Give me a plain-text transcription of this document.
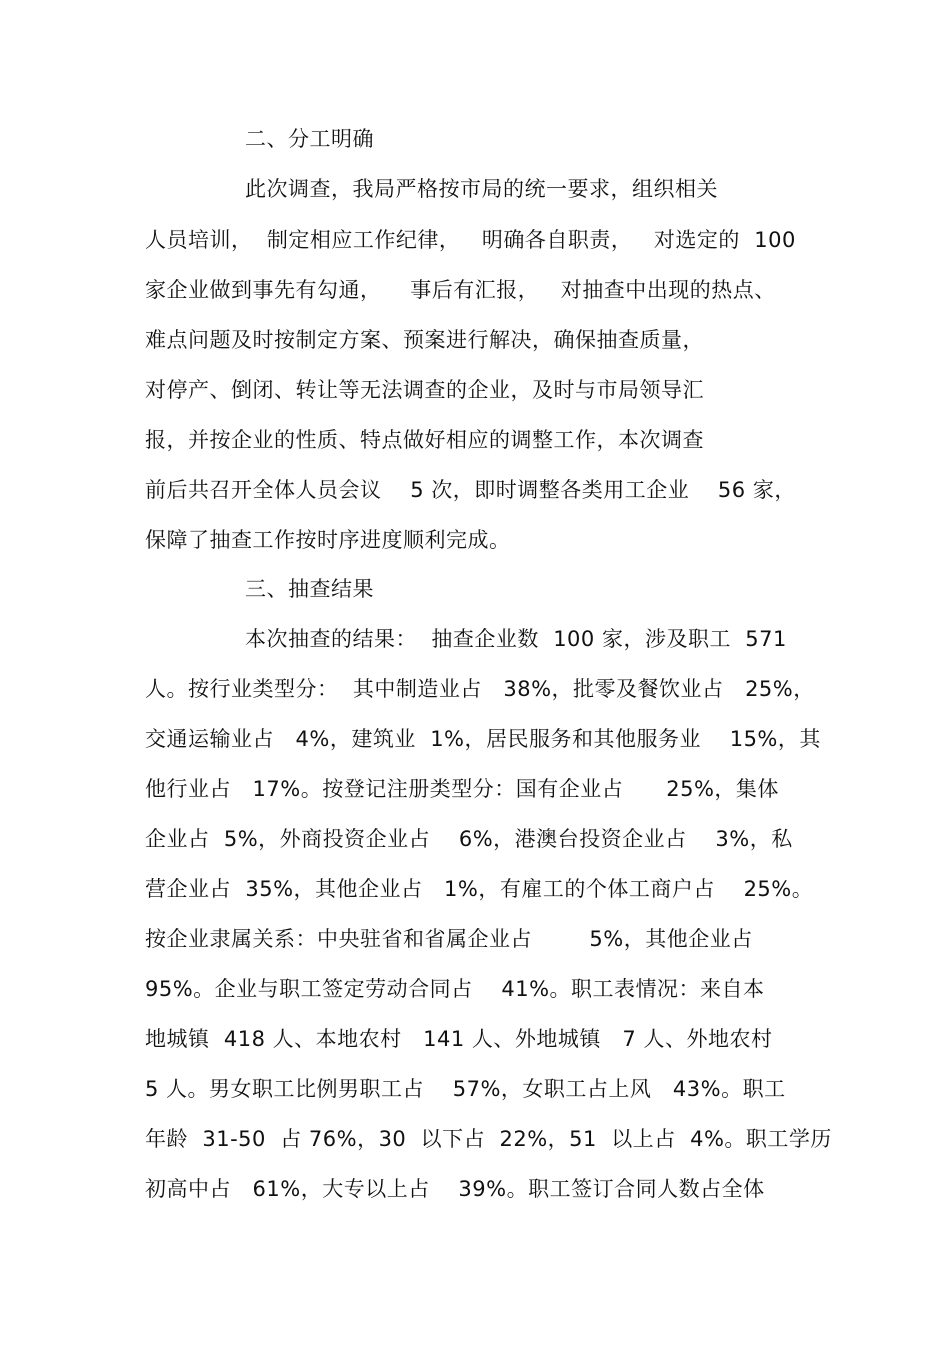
二、分工明确
此次调查，我局严格按市局的统一要求，组织相关
人员培训，  制定相应工作纪律，   明确各自职责，   对选定的  100
家企业做到事先有勾通，    事后有汇报，   对抽查中出现的热点、
难点问题及时按制定方案、预案进行解决，确保抽查质量，
对停产、倒闭、转让等无法调查的企业，及时与市局领导汇
报，并按企业的性质、特点做好相应的调整工作，本次调查
前后共召开全体人员会议    5 次，即时调整各类用工企业    56 家，
保障了抽查工作按时序进度顺利完成。
三、抽查结果
本次抽查的结果：  抽查企业数  100 家，涉及职工  571
人。按行业类型分：  其中制造业占   38%，批零及餐饮业占   25%，
交通运输业占   4%，建筑业  1%，居民服务和其他服务业    15%，其
他行业占   17%。按登记注册类型分：国有企业占      25%，集体
企业占  5%，外商投资企业占    6%，港澳台投资企业占    3%，私
营企业占  35%，其他企业占   1%，有雇工的个体工商户占    25%。
按企业隶属关系：中央驻省和省属企业占        5%，其他企业占
95%。企业与职工签定劳动合同占    41%。职工表情况：来自本
地城镇  418 人、本地农村   141 人、外地城镇   7 人、外地农村
5 人。男女职工比例男职工占    57%，女职工占上风   43%。职工
年龄  31-50  占 76%，30  以下占  22%，51  以上占  4%。职工学历
初高中占   61%，大专以上占    39%。职工签订合同人数占全体
